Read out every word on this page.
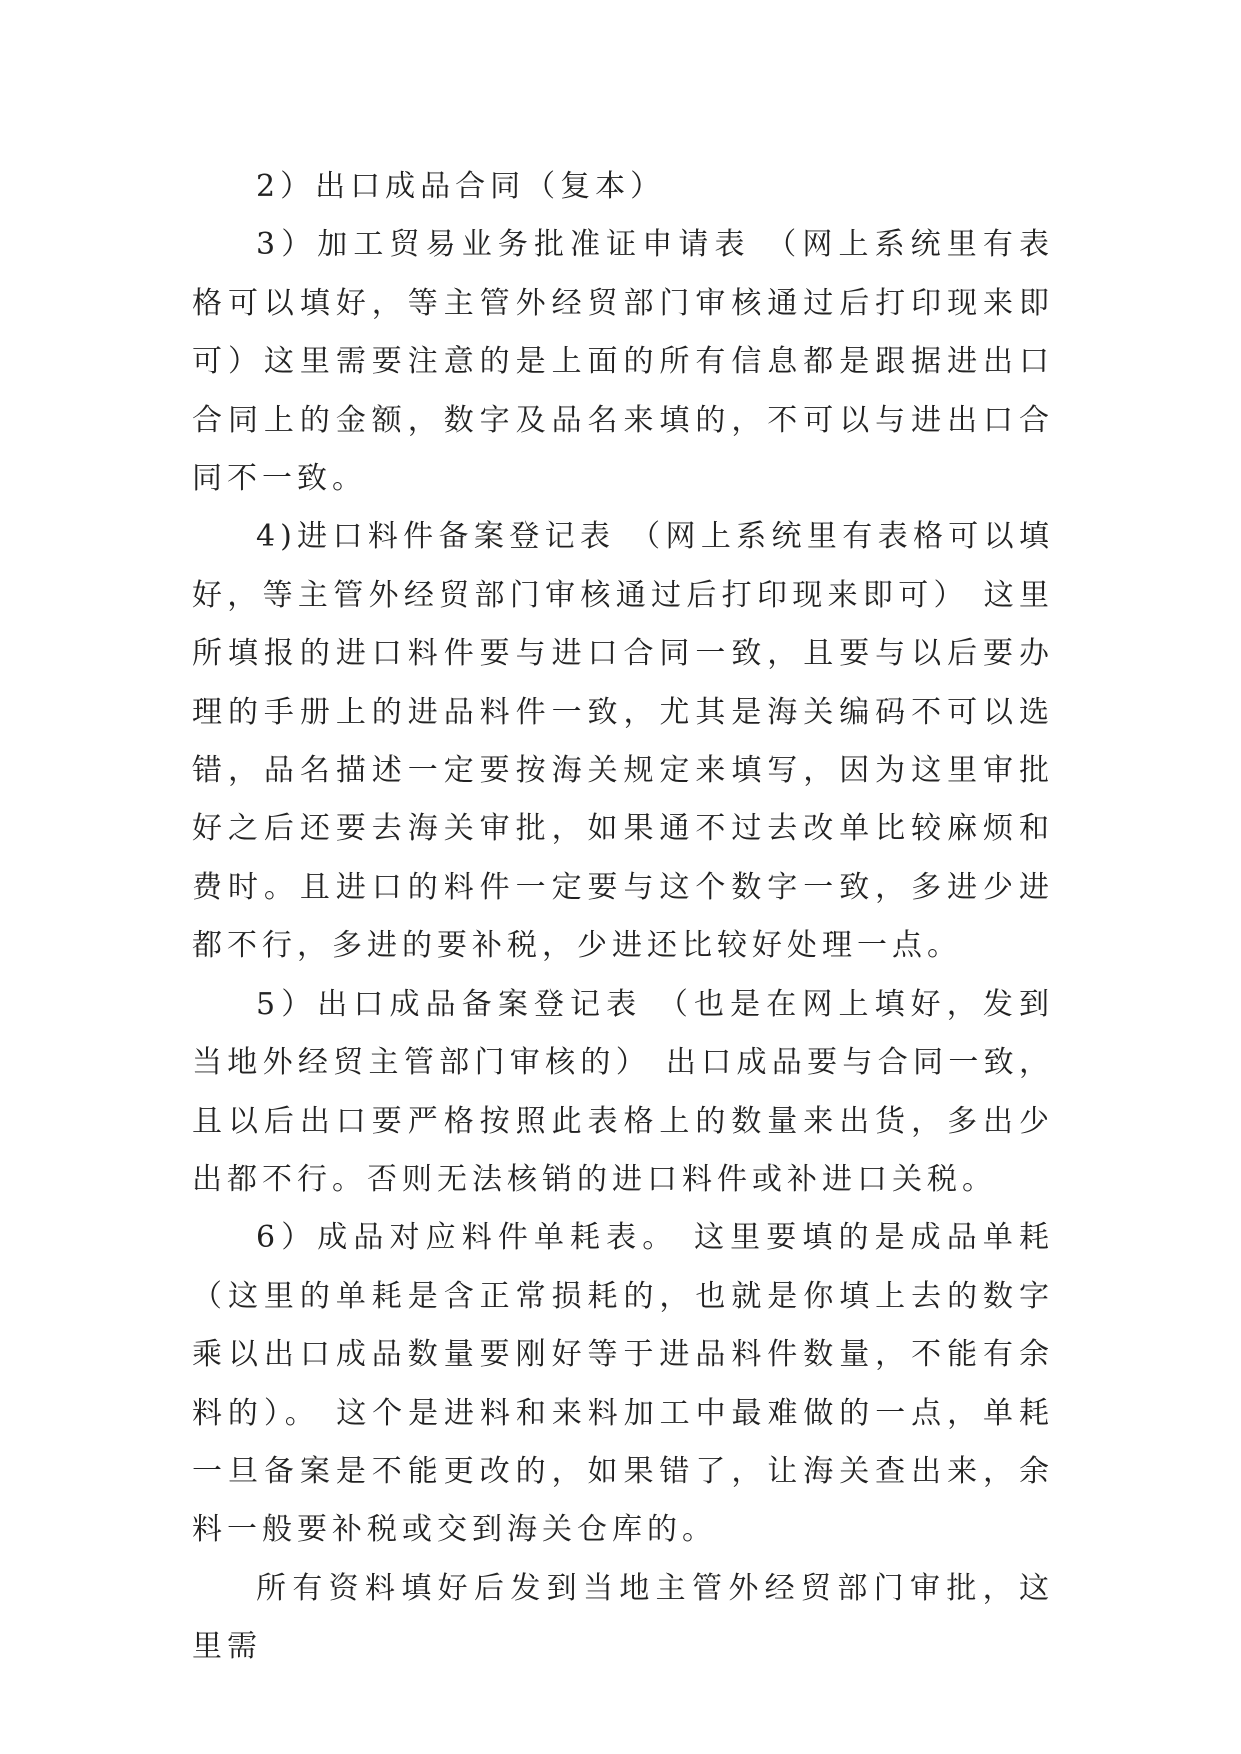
2）出口成品合同（复本）

3）加工贸易业务批准证申请表 （网上系统里有表格可以填好，等主管外经贸部门审核通过后打印现来即可）这里需要注意的是上面的所有信息都是跟据进出口合同上的金额，数字及品名来填的，不可以与进出口合同不一致。

4)进口料件备案登记表 （网上系统里有表格可以填好，等主管外经贸部门审核通过后打印现来即可） 这里所填报的进口料件要与进口合同一致，且要与以后要办理的手册上的进品料件一致，尤其是海关编码不可以选错，品名描述一定要按海关规定来填写，因为这里审批好之后还要去海关审批，如果通不过去改单比较麻烦和费时。且进口的料件一定要与这个数字一致，多进少进都不行，多进的要补税，少进还比较好处理一点。

5）出口成品备案登记表 （也是在网上填好，发到当地外经贸主管部门审核的） 出口成品要与合同一致，且以后出口要严格按照此表格上的数量来出货，多出少出都不行。否则无法核销的进口料件或补进口关税。

6）成品对应料件单耗表。 这里要填的是成品单耗（这里的单耗是含正常损耗的，也就是你填上去的数字乘以出口成品数量要刚好等于进品料件数量，不能有余料的）。 这个是进料和来料加工中最难做的一点，单耗一旦备案是不能更改的，如果错了，让海关查出来，余料一般要补税或交到海关仓库的。

所有资料填好后发到当地主管外经贸部门审批，这里需
